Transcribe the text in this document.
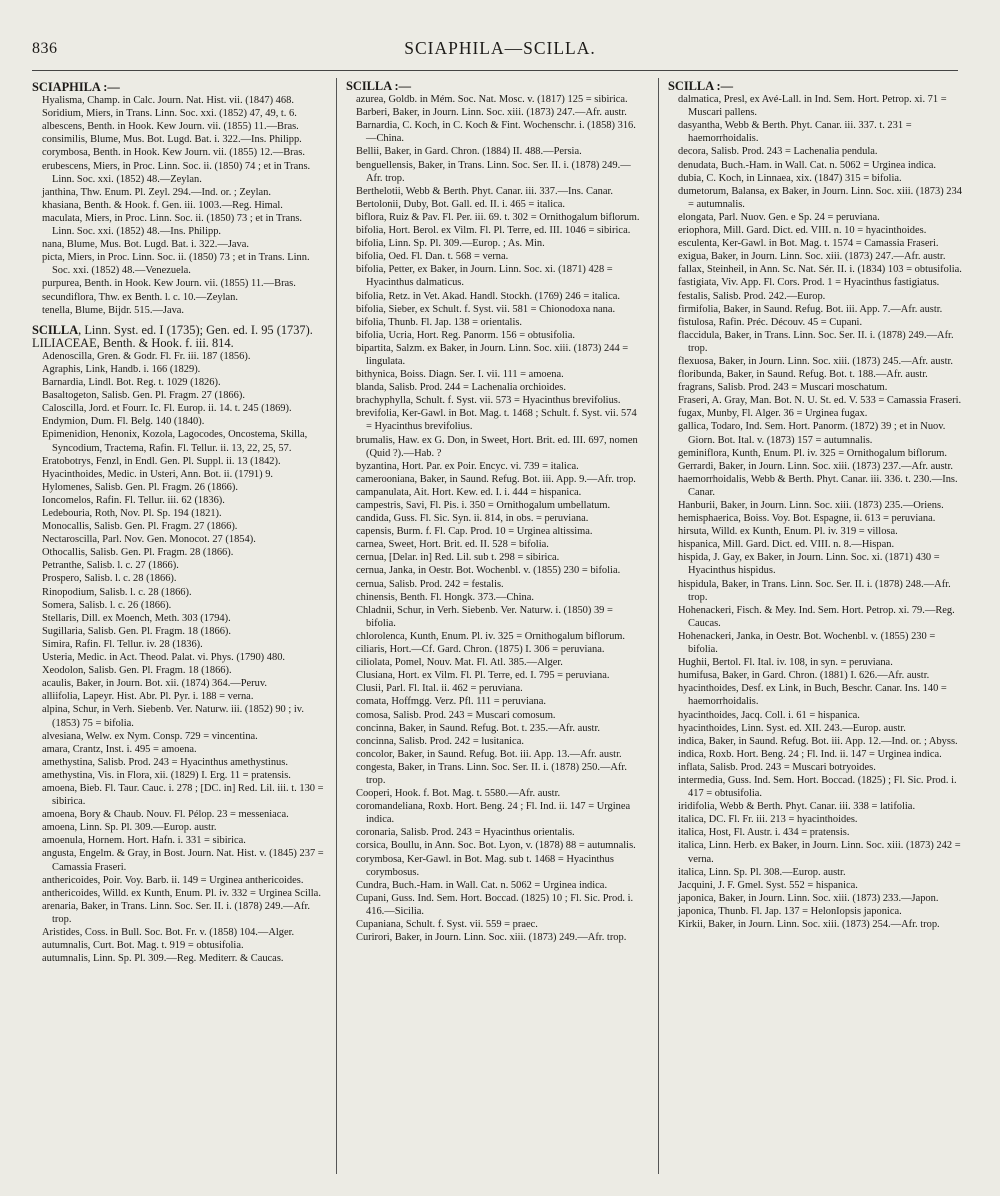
836	SCIAPHILA—SCILLA.
SCIAPHILA :—
Hyalisma, Champ. in Calc. Journ. Nat. Hist. vii. (1847) 468.
Soridium, Miers, in Trans. Linn. Soc. xxi. (1852) 47, 49, t. 6.
albescens, Benth. in Hook. Kew Journ. vii. (1855) 11.—Bras.
consimilis, Blume, Mus. Bot. Lugd. Bat. i. 322.—Ins. Philipp.
corymbosa, Benth. in Hook. Kew Journ. vii. (1855) 12.—Bras.
erubescens, Miers, in Proc. Linn. Soc. ii. (1850) 74 ; et in Trans. Linn. Soc. xxi. (1852) 48.—Zeylan.
janthina, Thw. Enum. Pl. Zeyl. 294.—Ind. or. ; Zeylan.
khasiana, Benth. & Hook. f. Gen. iii. 1003.—Reg. Himal.
maculata, Miers, in Proc. Linn. Soc. ii. (1850) 73 ; et in Trans. Linn. Soc. xxi. (1852) 48.—Ins. Philipp.
nana, Blume, Mus. Bot. Lugd. Bat. i. 322.—Java.
picta, Miers, in Proc. Linn. Soc. ii. (1850) 73 ; et in Trans. Linn. Soc. xxi. (1852) 48.—Venezuela.
purpurea, Benth. in Hook. Kew Journ. vii. (1855) 11.—Bras.
secundiflora, Thw. ex Benth. l. c. 10.—Zeylan.
tenella, Blume, Bijdr. 515.—Java.
SCILLA, Linn. Syst. ed. I (1735); Gen. ed. I. 95 (1737). LILIACEAE, Benth. & Hook. f. iii. 814.
Adenoscilla, Gren. & Godr. Fl. Fr. iii. 187 (1856).
Agraphis, Link, Handb. i. 166 (1829).
Barnardia, Lindl. Bot. Reg. t. 1029 (1826).
Basaltogeton, Salisb. Gen. Pl. Fragm. 27 (1866).
Caloscilla, Jord. et Fourr. Ic. Fl. Europ. ii. 14. t. 245 (1869).
Endymion, Dum. Fl. Belg. 140 (1840).
Epimenidion, Henonix, Kozola, Lagocodes, Oncostema, Skilla, Syncodium, Tractema, Rafin. Fl. Tellur. ii. 13, 22, 25, 57.
Eratobotrys, Fenzl, in Endl. Gen. Pl. Suppl. ii. 13 (1842).
Hyacinthoides, Medic. in Usteri, Ann. Bot. ii. (1791) 9.
Hylomenes, Salisb. Gen. Pl. Fragm. 26 (1866).
Ioncomelos, Rafin. Fl. Tellur. iii. 62 (1836).
Ledebouria, Roth, Nov. Pl. Sp. 194 (1821).
Monocallis, Salisb. Gen. Pl. Fragm. 27 (1866).
Nectaroscilla, Parl. Nov. Gen. Monocot. 27 (1854).
Othocallis, Salisb. Gen. Pl. Fragm. 28 (1866).
Petranthe, Salisb. l. c. 27 (1866).
Prospero, Salisb. l. c. 28 (1866).
Rinopodium, Salisb. l. c. 28 (1866).
Somera, Salisb. l. c. 26 (1866).
Stellaris, Dill. ex Moench, Meth. 303 (1794).
Sugillaria, Salisb. Gen. Pl. Fragm. 18 (1866).
Simira, Rafin. Fl. Tellur. iv. 28 (1836).
Usteria, Medic. in Act. Theod. Palat. vi. Phys. (1790) 480.
Xeodolon, Salisb. Gen. Pl. Fragm. 18 (1866).
acaulis, Baker, in Journ. Bot. xii. (1874) 364.—Peruv.
alliifolia, Lapeyr. Hist. Abr. Pl. Pyr. i. 188 = verna.
alpina, Schur, in Verh. Siebenb. Ver. Naturw. iii. (1852) 90 ; iv. (1853) 75 = bifolia.
alvesiana, Welw. ex Nym. Consp. 729 = vincentina.
amara, Crantz, Inst. i. 495 = amoena.
amethystina, Salisb. Prod. 243 = Hyacinthus amethystinus.
amethystina, Vis. in Flora, xii. (1829) I. Erg. 11 = pratensis.
amoena, Bieb. Fl. Taur. Cauc. i. 278 ; [DC. in] Red. Lil. iii. t. 130 = sibirica.
amoena, Bory & Chaub. Nouv. Fl. Pélop. 23 = messeniaca.
amoena, Linn. Sp. Pl. 309.—Europ. austr.
amoenula, Hornem. Hort. Hafn. i. 331 = sibirica.
angusta, Engelm. & Gray, in Bost. Journ. Nat. Hist. v. (1845) 237 = Camassia Fraseri.
anthericoides, Poir. Voy. Barb. ii. 149 = Urginea anthericoides.
anthericoides, Willd. ex Kunth, Enum. Pl. iv. 332 = Urginea Scilla.
arenaria, Baker, in Trans. Linn. Soc. Ser. II. i. (1878) 249.—Afr. trop.
Aristides, Coss. in Bull. Soc. Bot. Fr. v. (1858) 104.—Alger.
autumnalis, Curt. Bot. Mag. t. 919 = obtusifolia.
autumnalis, Linn. Sp. Pl. 309.—Reg. Mediterr. & Caucas.
SCILLA :—
azurea, Goldb. in Mém. Soc. Nat. Mosc. v. (1817) 125 = sibirica.
Barberi, Baker, in Journ. Linn. Soc. xiii. (1873) 247.—Afr. austr.
Barnardia, C. Koch, in C. Koch & Fint. Wochenschr. i. (1858) 316.—China.
Bellii, Baker, in Gard. Chron. (1884) II. 488.—Persia.
benguellensis, Baker, in Trans. Linn. Soc. Ser. II. i. (1878) 249.—Afr. trop.
Berthelotii, Webb & Berth. Phyt. Canar. iii. 337.—Ins. Canar.
Bertolonii, Duby, Bot. Gall. ed. II. i. 465 = italica.
biflora, Ruiz & Pav. Fl. Per. iii. 69. t. 302 = Ornithogalum biflorum.
bifolia, Hort. Berol. ex Vilm. Fl. Pl. Terre, ed. III. 1046 = sibirica.
bifolia, Linn. Sp. Pl. 309.—Europ. ; As. Min.
bifolia, Oed. Fl. Dan. t. 568 = verna.
bifolia, Petter, ex Baker, in Journ. Linn. Soc. xi. (1871) 428 = Hyacinthus dalmaticus.
bifolia, Retz. in Vet. Akad. Handl. Stockh. (1769) 246 = italica.
bifolia, Sieber, ex Schult. f. Syst. vii. 581 = Chionodoxa nana.
bifolia, Thunb. Fl. Jap. 138 = orientalis.
bifolia, Ucria, Hort. Reg. Panorm. 156 = obtusifolia.
bipartita, Salzm. ex Baker, in Journ. Linn. Soc. xiii. (1873) 244 = lingulata.
bithynica, Boiss. Diagn. Ser. I. vii. 111 = amoena.
blanda, Salisb. Prod. 244 = Lachenalia orchioides.
brachyphylla, Schult. f. Syst. vii. 573 = Hyacinthus brevifolius.
brevifolia, Ker-Gawl. in Bot. Mag. t. 1468 ; Schult. f. Syst. vii. 574 = Hyacinthus brevifolius.
brumalis, Haw. ex G. Don, in Sweet, Hort. Brit. ed. III. 697, nomen (Quid ?).—Hab. ?
byzantina, Hort. Par. ex Poir. Encyc. vi. 739 = italica.
camerooniana, Baker, in Saund. Refug. Bot. iii. App. 9.—Afr. trop.
campanulata, Ait. Hort. Kew. ed. I. i. 444 = hispanica.
campestris, Savi, Fl. Pis. i. 350 = Ornithogalum umbellatum.
candida, Guss. Fl. Sic. Syn. ii. 814, in obs. = peruviana.
capensis, Burm. f. Fl. Cap. Prod. 10 = Urginea altissima.
carnea, Sweet, Hort. Brit. ed. II. 528 = bifolia.
cernua, [Delar. in] Red. Lil. sub t. 298 = sibirica.
cernua, Janka, in Oestr. Bot. Wochenbl. v. (1855) 230 = bifolia.
cernua, Salisb. Prod. 242 = festalis.
chinensis, Benth. Fl. Hongk. 373.—China.
Chladnii, Schur, in Verh. Siebenb. Ver. Naturw. i. (1850) 39 = bifolia.
chlorolenca, Kunth, Enum. Pl. iv. 325 = Ornithogalum biflorum.
ciliaris, Hort.—Cf. Gard. Chron. (1875) I. 306 = peruviana.
ciliolata, Pomel, Nouv. Mat. Fl. Atl. 385.—Alger.
Clusiana, Hort. ex Vilm. Fl. Pl. Terre, ed. I. 795 = peruviana.
Clusii, Parl. Fl. Ital. ii. 462 = peruviana.
comata, Hoffmgg. Verz. Pfl. 111 = peruviana.
comosa, Salisb. Prod. 243 = Muscari comosum.
concinna, Baker, in Saund. Refug. Bot. t. 235.—Afr. austr.
concinna, Salisb. Prod. 242 = lusitanica.
concolor, Baker, in Saund. Refug. Bot. iii. App. 13.—Afr. austr.
congesta, Baker, in Trans. Linn. Soc. Ser. II. i. (1878) 250.—Afr. trop.
Cooperi, Hook. f. Bot. Mag. t. 5580.—Afr. austr.
coromandeliana, Roxb. Hort. Beng. 24 ; Fl. Ind. ii. 147 = Urginea indica.
coronaria, Salisb. Prod. 243 = Hyacinthus orientalis.
corsica, Boullu, in Ann. Soc. Bot. Lyon, v. (1878) 88 = autumnalis.
corymbosa, Ker-Gawl. in Bot. Mag. sub t. 1468 = Hyacinthus corymbosus.
Cundra, Buch.-Ham. in Wall. Cat. n. 5062 = Urginea indica.
Cupani, Guss. Ind. Sem. Hort. Boccad. (1825) 10 ; Fl. Sic. Prod. i. 416.—Sicilia.
Cupaniana, Schult. f. Syst. vii. 559 = praec.
Curirori, Baker, in Journ. Linn. Soc. xiii. (1873) 249.—Afr. trop.
SCILLA :—
dalmatica, Presl, ex Avé-Lall. in Ind. Sem. Hort. Petrop. xi. 71 = Muscari pallens.
dasyantha, Webb & Berth. Phyt. Canar. iii. 337. t. 231 = haemorrhoidalis.
decora, Salisb. Prod. 243 = Lachenalia pendula.
denudata, Buch.-Ham. in Wall. Cat. n. 5062 = Urginea indica.
dubia, C. Koch, in Linnaea, xix. (1847) 315 = bifolia.
dumetorum, Balansa, ex Baker, in Journ. Linn. Soc. xiii. (1873) 234 = autumnalis.
elongata, Parl. Nuov. Gen. e Sp. 24 = peruviana.
eriophora, Mill. Gard. Dict. ed. VIII. n. 10 = hyacinthoides.
esculenta, Ker-Gawl. in Bot. Mag. t. 1574 = Camassia Fraseri.
exigua, Baker, in Journ. Linn. Soc. xiii. (1873) 247.—Afr. austr.
fallax, Steinheil, in Ann. Sc. Nat. Sér. II. i. (1834) 103 = obtusifolia.
fastigiata, Viv. App. Fl. Cors. Prod. 1 = Hyacinthus fastigiatus.
festalis, Salisb. Prod. 242.—Europ.
firmifolia, Baker, in Saund. Refug. Bot. iii. App. 7.—Afr. austr.
fistulosa, Rafin. Préc. Découv. 45 = Cupani.
flaccidula, Baker, in Trans. Linn. Soc. Ser. II. i. (1878) 249.—Afr. trop.
flexuosa, Baker, in Journ. Linn. Soc. xiii. (1873) 245.—Afr. austr.
floribunda, Baker, in Saund. Refug. Bot. t. 188.—Afr. austr.
fragrans, Salisb. Prod. 243 = Muscari moschatum.
Fraseri, A. Gray, Man. Bot. N. U. St. ed. V. 533 = Camassia Fraseri.
fugax, Munby, Fl. Alger. 36 = Urginea fugax.
gallica, Todaro, Ind. Sem. Hort. Panorm. (1872) 39 ; et in Nuov. Giorn. Bot. Ital. v. (1873) 157 = autumnalis.
geminiflora, Kunth, Enum. Pl. iv. 325 = Ornithogalum biflorum.
Gerrardi, Baker, in Journ. Linn. Soc. xiii. (1873) 237.—Afr. austr.
haemorrhoidalis, Webb & Berth. Phyt. Canar. iii. 336. t. 230.—Ins. Canar.
Hanburii, Baker, in Journ. Linn. Soc. xiii. (1873) 235.—Oriens.
hemisphaerica, Boiss. Voy. Bot. Espagne, ii. 613 = peruviana.
hirsuta, Willd. ex Kunth, Enum. Pl. iv. 319 = villosa.
hispanica, Mill. Gard. Dict. ed. VIII. n. 8.—Hispan.
hispida, J. Gay, ex Baker, in Journ. Linn. Soc. xi. (1871) 430 = Hyacinthus hispidus.
hispidula, Baker, in Trans. Linn. Soc. Ser. II. i. (1878) 248.—Afr. trop.
Hohenackeri, Fisch. & Mey. Ind. Sem. Hort. Petrop. xi. 79.—Reg. Caucas.
Hohenackeri, Janka, in Oestr. Bot. Wochenbl. v. (1855) 230 = bifolia.
Hughii, Bertol. Fl. Ital. iv. 108, in syn. = peruviana.
humifusa, Baker, in Gard. Chron. (1881) I. 626.—Afr. austr.
hyacinthoides, Desf. ex Link, in Buch, Beschr. Canar. Ins. 140 = haemorrhoidalis.
hyacinthoides, Jacq. Coll. i. 61 = hispanica.
hyacinthoides, Linn. Syst. ed. XII. 243.—Europ. austr.
indica, Baker, in Saund. Refug. Bot. iii. App. 12.—Ind. or. ; Abyss.
indica, Roxb. Hort. Beng. 24 ; Fl. Ind. ii. 147 = Urginea indica.
inflata, Salisb. Prod. 243 = Muscari botryoides.
intermedia, Guss. Ind. Sem. Hort. Boccad. (1825) ; Fl. Sic. Prod. i. 417 = obtusifolia.
iridifolia, Webb & Berth. Phyt. Canar. iii. 338 = latifolia.
italica, DC. Fl. Fr. iii. 213 = hyacinthoides.
italica, Host, Fl. Austr. i. 434 = pratensis.
italica, Linn. Herb. ex Baker, in Journ. Linn. Soc. xiii. (1873) 242 = verna.
italica, Linn. Sp. Pl. 308.—Europ. austr.
Jacquini, J. F. Gmel. Syst. 552 = hispanica.
japonica, Baker, in Journ. Linn. Soc. xiii. (1873) 233.—Japon.
japonica, Thunb. Fl. Jap. 137 = HelonIopsis japonica.
Kirkii, Baker, in Journ. Linn. Soc. xiii. (1873) 254.—Afr. trop.
